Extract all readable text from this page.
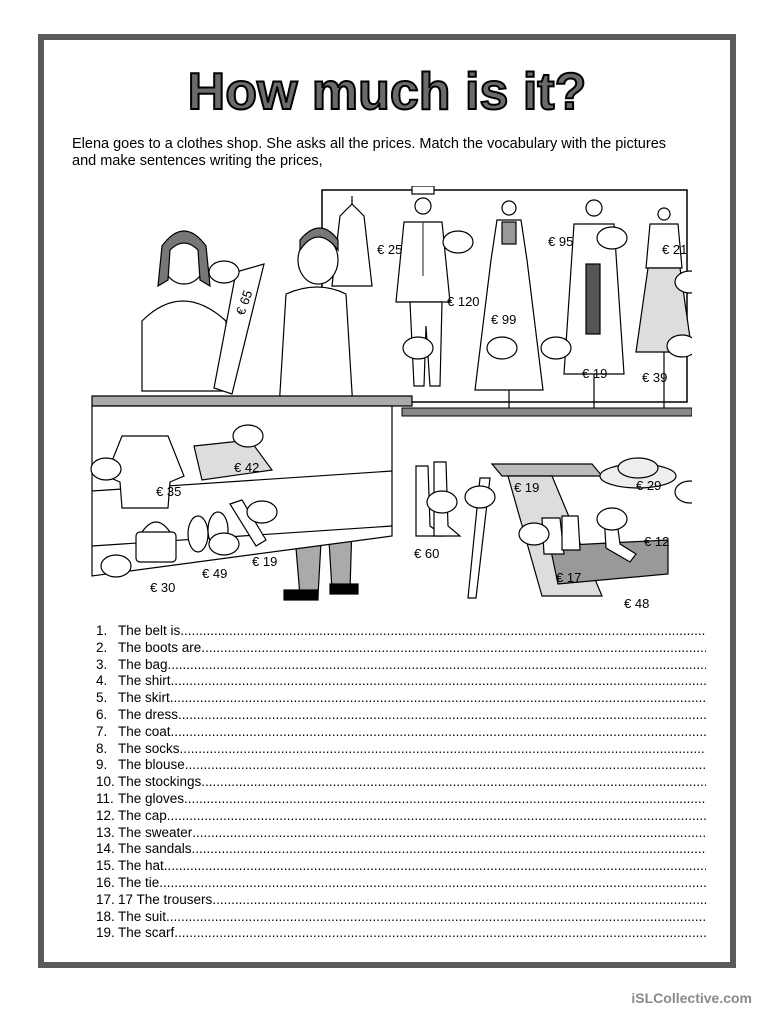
How much is it?
Elena goes to a clothes shop. She asks all the prices. Match the vocabulary with the pictures and make sentences writing the prices,
€ 25
€ 95
€ 21
€ 120
€ 99
€ 19	€ 39
€ 65
€ 35
€ 42
€ 19	€ 29
€ 12
€ 60
€ 17
€ 48
€ 30
€ 49
€ 19
1. The belt is
.....
2. The boots are
.....
3. The bag
.....
4. The shirt
.....
5. The skirt
.....
6. The dress
.....
7. The coat
.....
8. The socks
.....
9. The blouse
.....
10. The stockings
.....
11. The gloves
.....
12. The cap
.....
13. The sweater
.....
14. The sandals
.....
15. The hat
.....
16. The tie
.....
17. 17 The trousers
.....
18. The suit
.....
19. The scarf
.....
iSLCollective.com
